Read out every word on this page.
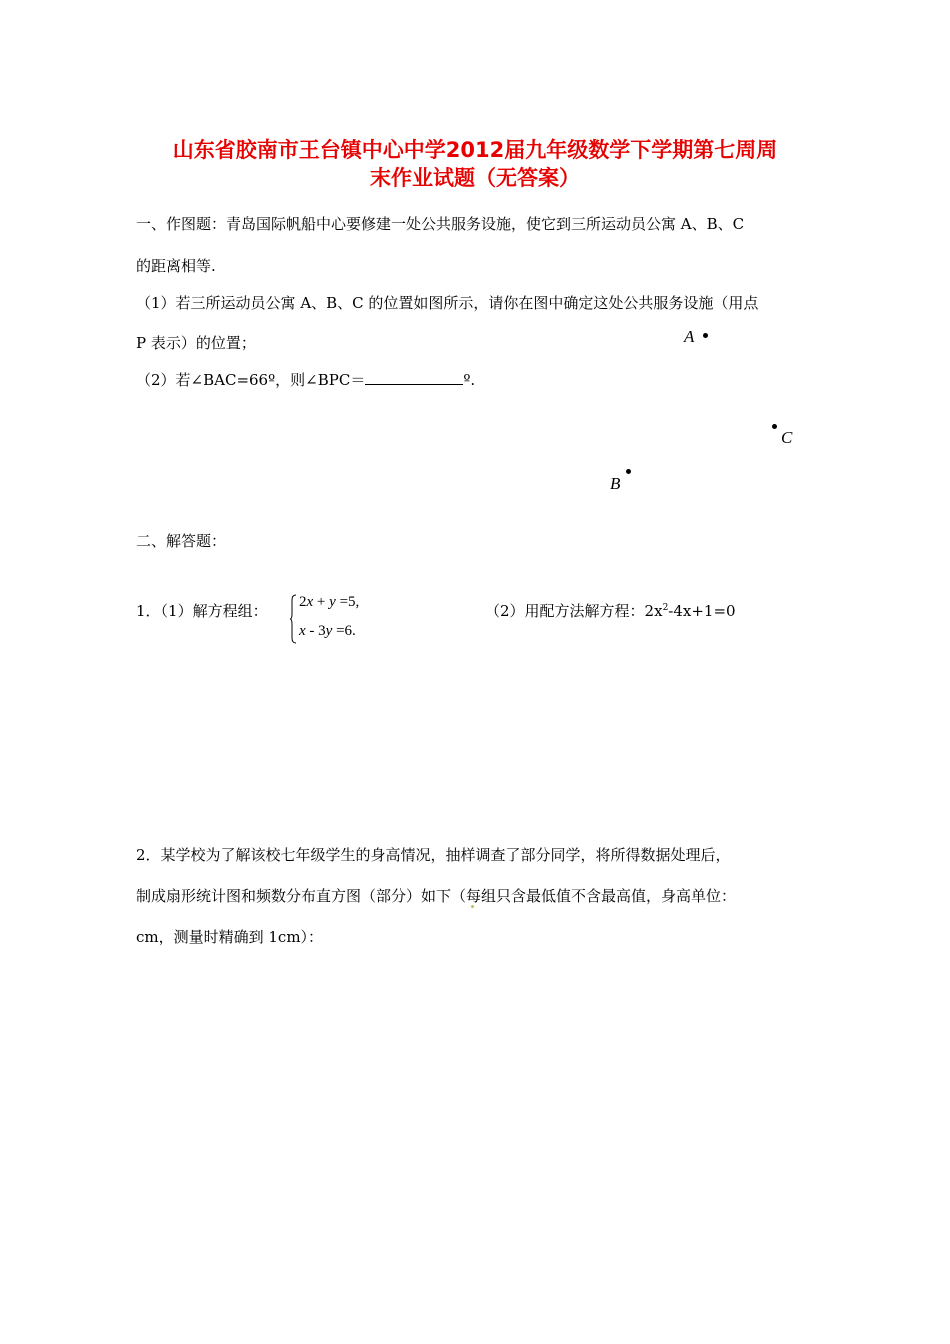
山东省胶南市王台镇中心中学2012届九年级数学下学期第七周周
末作业试题（无答案）
一、作图题：青岛国际帆船中心要修建一处公共服务设施，使它到三所运动员公寓 A、B、C
的距离相等.
（1）若三所运动员公寓 A、B、C 的位置如图所示，请你在图中确定这处公共服务设施（用点
P 表示）的位置；
（2）若∠BAC=66º，则∠BPC＝	º.
A
C
B
二、解答题：
1．（1）解方程组： 2x + y =5,
x - 3y =6.
（2）用配方法解方程：$2x^2-4x+1=0$
2．某学校为了解该校七年级学生的身高情况，抽样调查了部分同学，将所得数据处理后，
制成扇形统计图和频数分布直方图（部分）如下（每组只含最低值不含最高值，身高单位：
cm，测量时精确到 1cm）：
